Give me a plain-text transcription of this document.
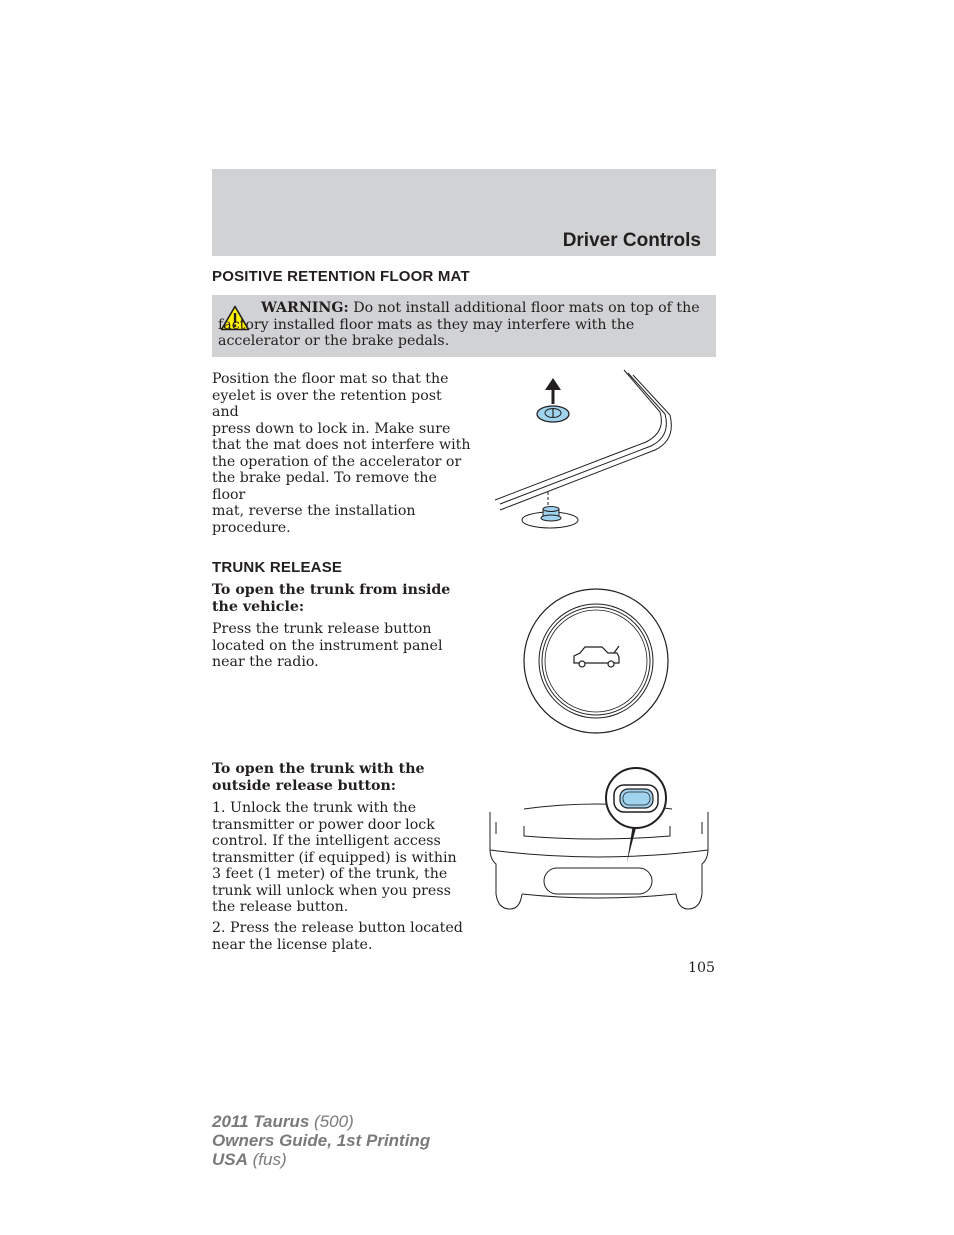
Driver Controls
POSITIVE RETENTION FLOOR MAT
WARNING: Do not install additional floor mats on top of the factory installed floor mats as they may interfere with the accelerator or the brake pedals.
Position the floor mat so that the
eyelet is over the retention post and
press down to lock in. Make sure
that the mat does not interfere with
the operation of the accelerator or
the brake pedal. To remove the floor
mat, reverse the installation
procedure.
TRUNK RELEASE
To open the trunk from inside
the vehicle:
Press the trunk release button
located on the instrument panel
near the radio.
To open the trunk with the
outside release button:
1. Unlock the trunk with the
transmitter or power door lock
control. If the intelligent access
transmitter (if equipped) is within
3 feet (1 meter) of the trunk, the
trunk will unlock when you press
the release button.
2. Press the release button located
near the license plate.
105
2011 Taurus (500)
Owners Guide, 1st Printing
USA (fus)
